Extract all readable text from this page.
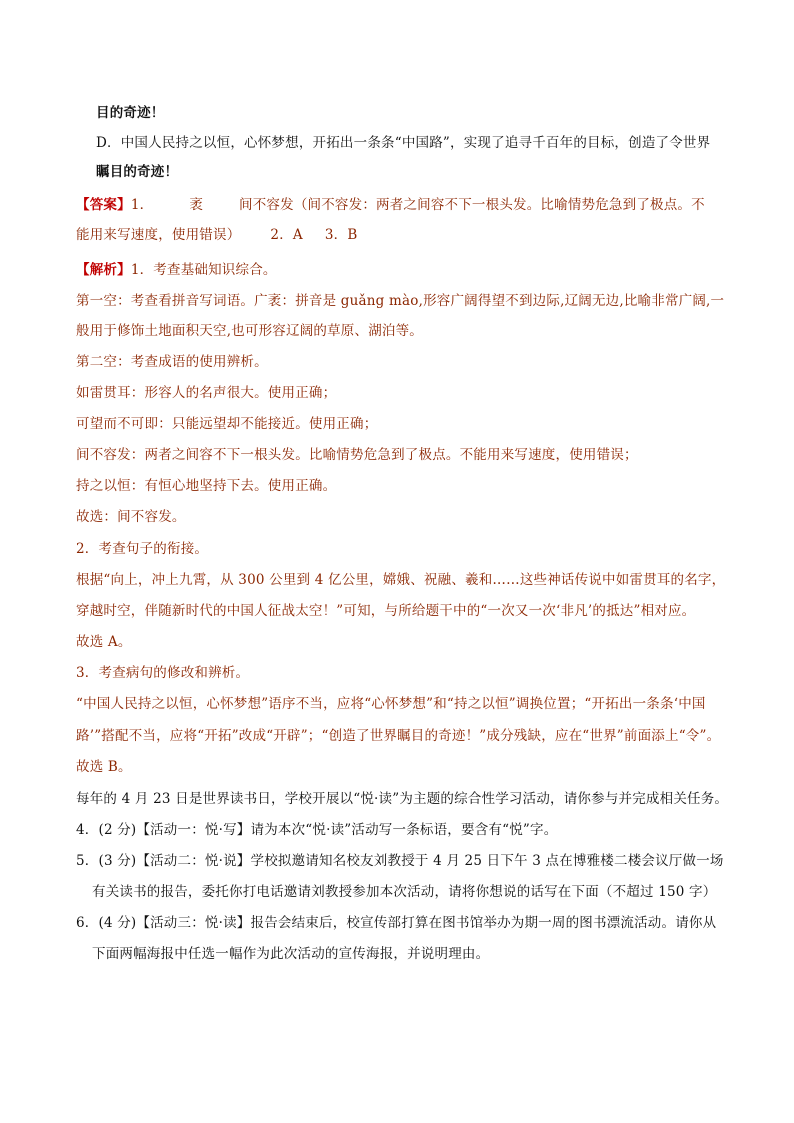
目的奇迹！
D．中国人民持之以恒，心怀梦想，开拓出一条条“中国路”，实现了追寻千百年的目标，创造了令世界
瞩目的奇迹！
【答案】1．	袤	间不容发（间不容发：两者之间容不下一根头发。比喻情势危急到了极点。不
能用来写速度，使用错误） 2．A 3．B
【解析】1．考查基础知识综合。
第一空：考查看拼音写词语。广袤：拼音是 guǎng mào,形容广阔得望不到边际,辽阔无边,比喻非常广阔,一
般用于修饰土地面积天空,也可形容辽阔的草原、湖泊等。
第二空：考查成语的使用辨析。
如雷贯耳：形容人的名声很大。使用正确；
可望而不可即：只能远望却不能接近。使用正确；
间不容发：两者之间容不下一根头发。比喻情势危急到了极点。不能用来写速度，使用错误；
持之以恒：有恒心地坚持下去。使用正确。
故选：间不容发。
2．考查句子的衔接。
根据“向上，冲上九霄，从 300 公里到 4 亿公里，嫦娥、祝融、羲和……这些神话传说中如雷贯耳的名字，
穿越时空，伴随新时代的中国人征战太空！”可知，与所给题干中的“一次又一次‘非凡’的抵达”相对应。
故选 A。
3．考查病句的修改和辨析。
“中国人民持之以恒，心怀梦想”语序不当，应将“心怀梦想”和“持之以恒”调换位置；“开拓出一条条‘中国
路’”搭配不当，应将“开拓”改成“开辟”；“创造了世界瞩目的奇迹！”成分残缺，应在“世界”前面添上“令”。
故选 B。
每年的 4 月 23 日是世界读书日，学校开展以“悦·读”为主题的综合性学习活动，请你参与并完成相关任务。
4．(2 分)【活动一：悦·写】请为本次“悦·读”活动写一条标语，要含有“悦”字。
5．(3 分)【活动二：悦·说】学校拟邀请知名校友刘教授于 4 月 25 日下午 3 点在博雅楼二楼会议厅做一场
有关读书的报告，委托你打电话邀请刘教授参加本次活动，请将你想说的话写在下面（不超过 150 字）
6．(4 分)【活动三：悦·读】报告会结束后，校宣传部打算在图书馆举办为期一周的图书漂流活动。请你从
下面两幅海报中任选一幅作为此次活动的宣传海报，并说明理由。
